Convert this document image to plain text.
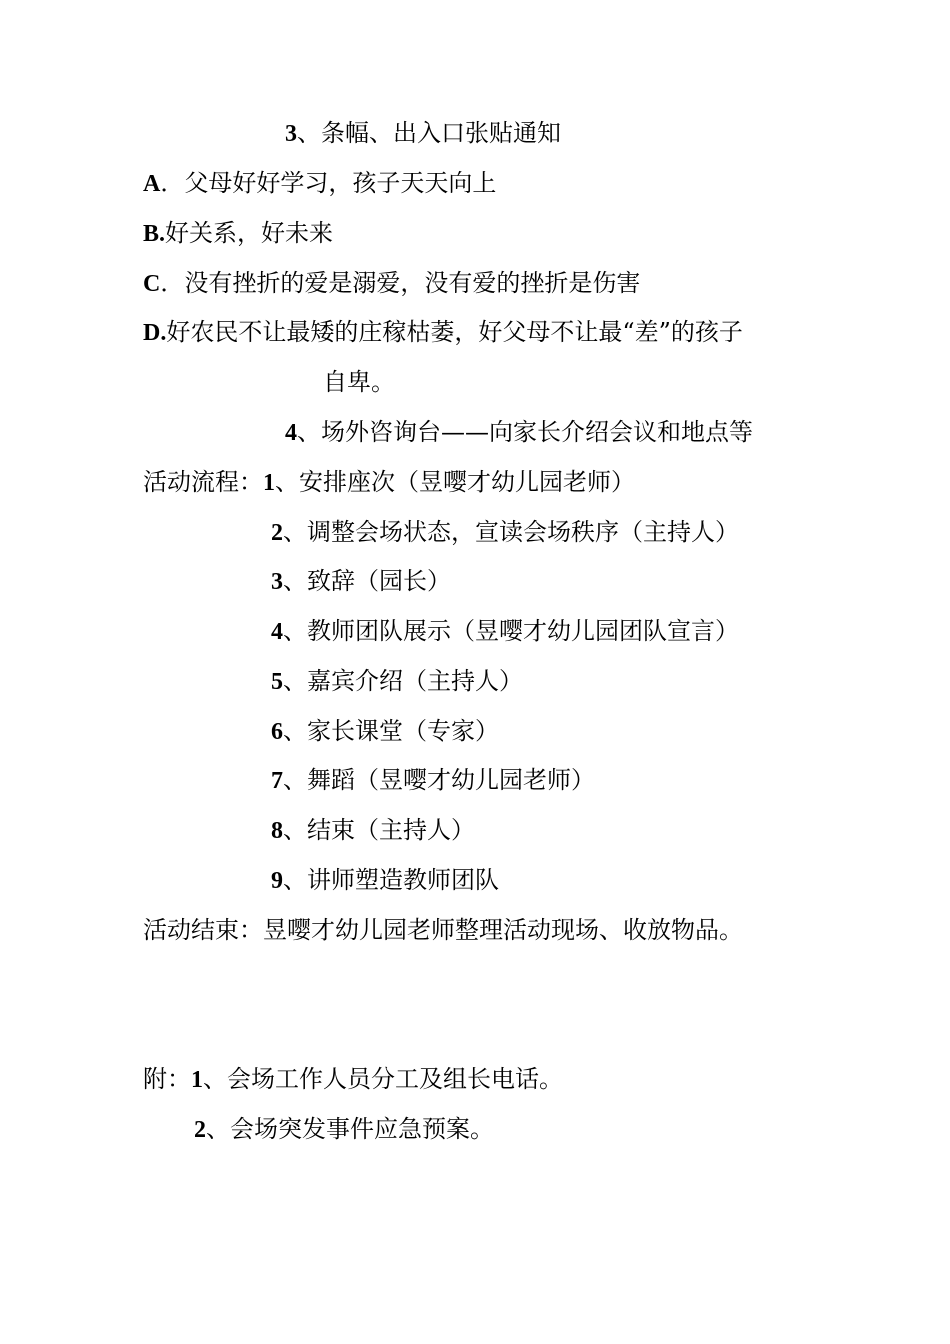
3、条幅、出入口张贴通知
A．父母好好学习，孩子天天向上
B.好关系，好未来
C．没有挫折的爱是溺爱，没有爱的挫折是伤害
D.好农民不让最矮的庄稼枯萎，好父母不让最“差”的孩子
自卑。
4、场外咨询台——向家长介绍会议和地点等
活动流程：1、安排座次（昱嘤才幼儿园老师）
2、调整会场状态，宣读会场秩序（主持人）
3、致辞（园长）
4、教师团队展示（昱嘤才幼儿园团队宣言）
5、嘉宾介绍（主持人）
6、家长课堂（专家）
7、舞蹈（昱嘤才幼儿园老师）
8、结束（主持人）
9、讲师塑造教师团队
活动结束：昱嘤才幼儿园老师整理活动现场、收放物品。
附：1、会场工作人员分工及组长电话。
2、会场突发事件应急预案。
